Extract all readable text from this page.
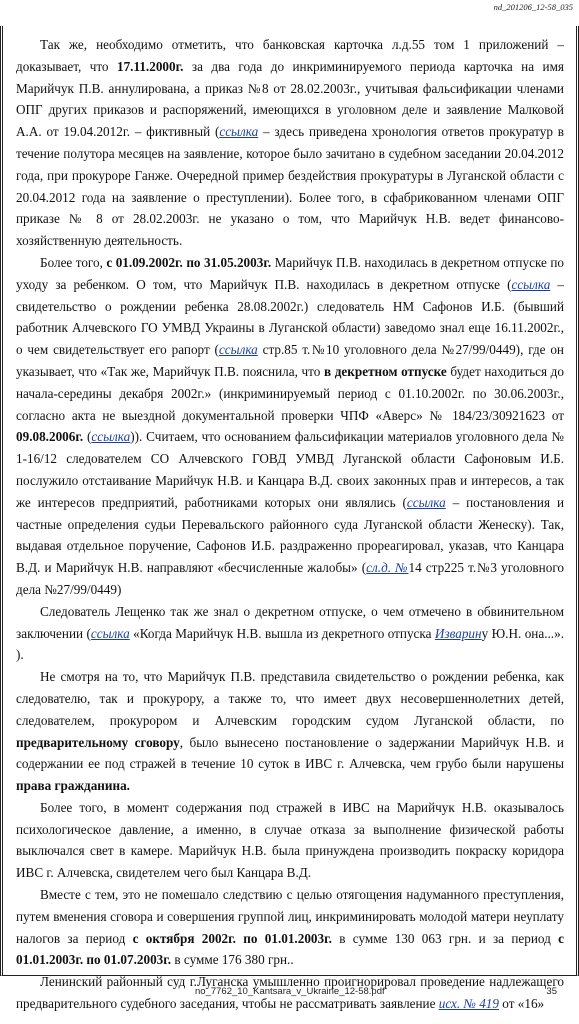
nd_201206_12-58_035

Так же, необходимо отметить, что банковская карточка л.д.55 том 1 приложений – доказывает, что 17.11.2000г. за два года до инкриминируемого периода карточка на имя Марийчук П.В. аннулирована, а приказ №8 от 28.02.2003г., учитывая фальсификации членами ОПГ других приказов и распоряжений, имеющихся в уголовном деле и заявление Малковой А.А. от 19.04.2012г. – фиктивный (ссылка – здесь приведена хронология ответов прокуратур в течение полутора месяцев на заявление, которое было зачитано в судебном заседании 20.04.2012 года, при прокуроре Ганже. Очередной пример бездействия прокуратуры в Луганской области с 20.04.2012 года на заявление о преступлении). Более того, в сфабрикованном членами ОПГ приказе № 8 от 28.02.2003г. не указано о том, что Марийчук Н.В. ведет финансово-хозяйственную деятельность.

Более того, с 01.09.2002г. по 31.05.2003г. Марийчук П.В. находилась в декретном отпуске по уходу за ребенком. О том, что Марийчук П.В. находилась в декретном отпуске (ссылка – свидетельство о рождении ребенка 28.08.2002г.) следователь НМ Сафонов И.Б. (бывший работник Алчевского ГО УМВД Украины в Луганской области) заведомо знал еще 16.11.2002г., о чем свидетельствует его рапорт (ссылка стр.85 т.№10 уголовного дела №27/99/0449), где он указывает, что «Так же, Марийчук П.В. пояснила, что в декретном отпуске будет находиться до начала-середины декабря 2002г.» (инкриминируемый период с 01.10.2002г. по 30.06.2003г., согласно акта не выездной документальной проверки ЧПФ «Аверс» № 184/23/30921623 от 09.08.2006г. (ссылка)). Считаем, что основанием фальсификации материалов уголовного дела № 1-16/12 следователем СО Алчевского ГОВД УМВД Луганской области Сафоновым И.Б. послужило отстаивание Марийчук Н.В. и Канцара В.Д. своих законных прав и интересов, а так же интересов предприятий, работниками которых они являлись (ссылка – постановления и частные определения судьи Перевальского районного суда Луганской области Женеску). Так, выдавая отдельное поручение, Сафонов И.Б. раздраженно прореагировал, указав, что Канцара В.Д. и Марийчук Н.В. направляют «бесчисленные жалобы» (сл.д. №14 стр225 т.№3 уголовного дела №27/99/0449)

Следователь Лещенко так же знал о декретном отпуске, о чем отмечено в обвинительном заключении (ссылка «Когда Марийчук Н.В. вышла из декретного отпуска Изварину Ю.Н. она...». ).

Не смотря на то, что Марийчук П.В. представила свидетельство о рождении ребенка, как следователю, так и прокурору, а также то, что имеет двух несовершеннолетних детей, следователем, прокурором и Алчевским городским судом Луганской области, по предварительному сговору, было вынесено постановление о задержании Марийчук Н.В. и содержании ее под стражей в течение 10 суток в ИВС г. Алчевска, чем грубо были нарушены права гражданина.

Более того, в момент содержания под стражей в ИВС на Марийчук Н.В. оказывалось психологическое давление, а именно, в случае отказа за выполнение физической работы выключался свет в камере. Марийчук Н.В. была принуждена производить покраску коридора ИВС г. Алчевска, свидетелем чего был Канцара В.Д.

Вместе с тем, это не помешало следствию с целью отягощения надуманного преступления, путем вменения сговора и совершения группой лиц, инкриминировать молодой матери неуплату налогов за период с октября 2002г. по 01.01.2003г. в сумме 130 063 грн. и за период с 01.01.2003г. по 01.07.2003г. в сумме 176 380 грн..

Ленинский районный суд г.Луганска умышленно проигнорировал проведение надлежащего предварительного судебного заседания, чтобы не рассматривать заявление исх. № 419 от «16»

no_7762_10_Kantsara_v_Ukraine_12-58.pdf	35
